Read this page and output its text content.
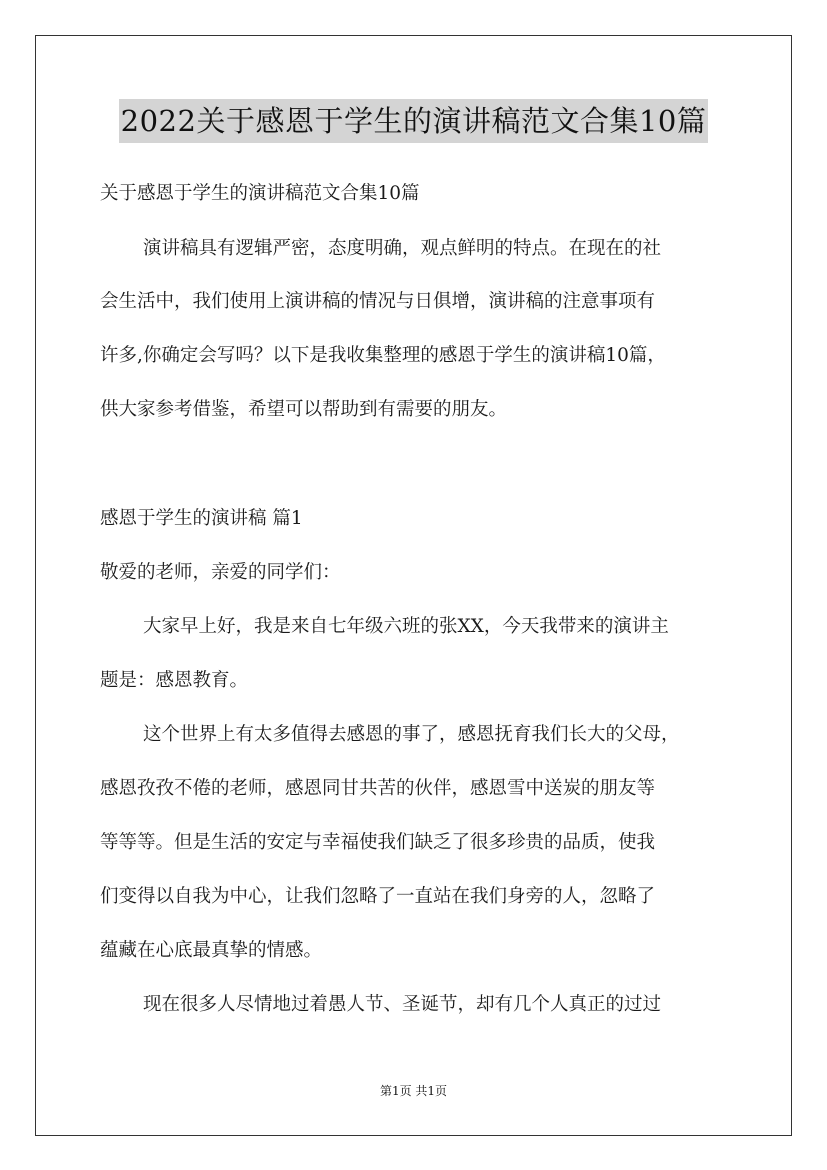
2022关于感恩于学生的演讲稿范文合集10篇
关于感恩于学生的演讲稿范文合集10篇
演讲稿具有逻辑严密，态度明确，观点鲜明的特点。在现在的社
会生活中，我们使用上演讲稿的情况与日俱增，演讲稿的注意事项有
许多,你确定会写吗？以下是我收集整理的感恩于学生的演讲稿10篇，
供大家参考借鉴，希望可以帮助到有需要的朋友。
感恩于学生的演讲稿 篇1
敬爱的老师，亲爱的同学们：
大家早上好，我是来自七年级六班的张XX，今天我带来的演讲主
题是：感恩教育。
这个世界上有太多值得去感恩的事了，感恩抚育我们长大的父母，
感恩孜孜不倦的老师，感恩同甘共苦的伙伴，感恩雪中送炭的朋友等
等等等。但是生活的安定与幸福使我们缺乏了很多珍贵的品质，使我
们变得以自我为中心，让我们忽略了一直站在我们身旁的人，忽略了
蕴藏在心底最真挚的情感。
现在很多人尽情地过着愚人节、圣诞节，却有几个人真正的过过
第1页 共1页
